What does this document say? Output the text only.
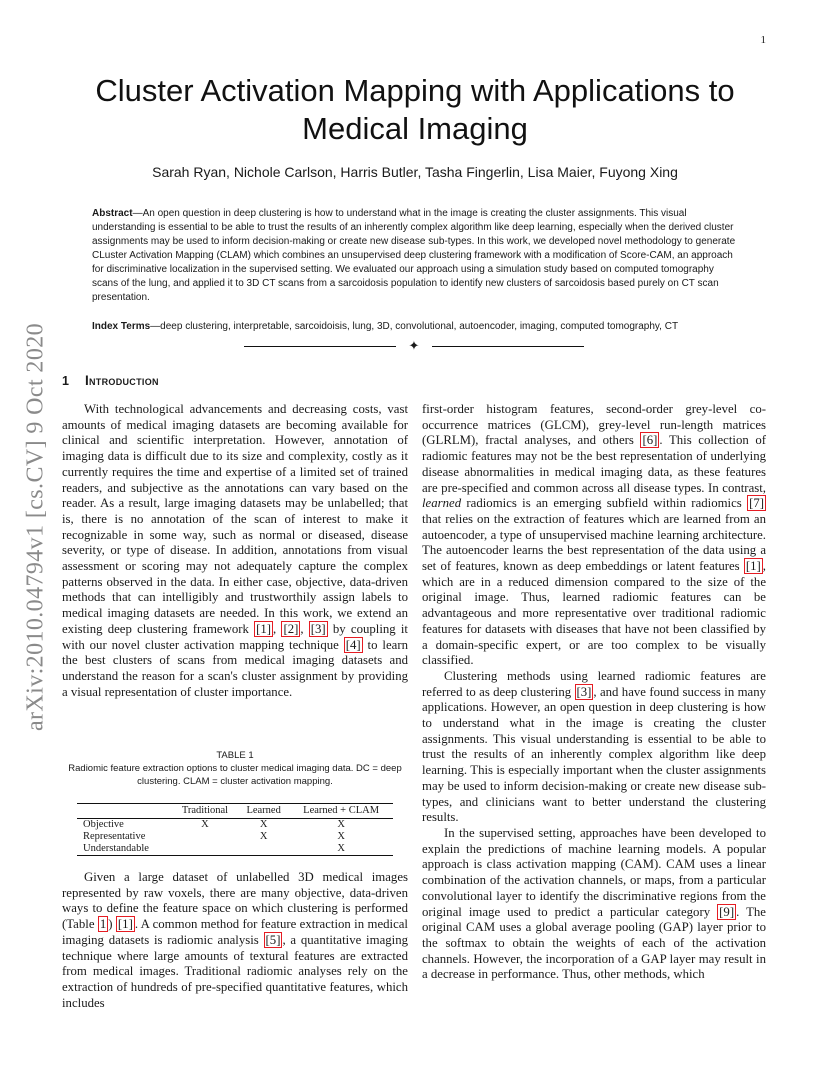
1
arXiv:2010.04794v1 [cs.CV] 9 Oct 2020
Cluster Activation Mapping with Applications to Medical Imaging
Sarah Ryan, Nichole Carlson, Harris Butler, Tasha Fingerlin, Lisa Maier, Fuyong Xing

Abstract—An open question in deep clustering is how to understand what in the image is creating the cluster assignments. This visual understanding is essential to be able to trust the results of an inherently complex algorithm like deep learning, especially when the derived cluster assignments may be used to inform decision-making or create new disease sub-types. In this work, we developed novel methodology to generate CLuster Activation Mapping (CLAM) which combines an unsupervised deep clustering framework with a modification of Score-CAM, an approach for discriminative localization in the supervised setting. We evaluated our approach using a simulation study based on computed tomography scans of the lung, and applied it to 3D CT scans from a sarcoidosis population to identify new clusters of sarcoidosis based purely on CT scan presentation.

Index Terms—deep clustering, interpretable, sarcoidoisis, lung, 3D, convolutional, autoencoder, imaging, computed tomography, CT

✦
1 Introduction

With technological advancements and decreasing costs, vast amounts of medical imaging datasets are becoming available for clinical and scientific interpretation. However, annotation of imaging data is difficult due to its size and complexity, costly as it currently requires the time and expertise of a limited set of trained readers, and subjective as the annotations can vary based on the reader. As a result, large imaging datasets may be unlabelled; that is, there is no annotation of the scan of interest to make it recognizable in some way, such as normal or diseased, disease severity, or type of disease. In addition, annotations from visual assessment or scoring may not adequately capture the complex patterns observed in the data. In either case, objective, data-driven methods that can intelligibly and trustworthily assign labels to medical imaging datasets are needed. In this work, we extend an existing deep clustering framework [1] , [2] , [3] by coupling it with our novel cluster activation mapping technique [4] to learn the best clusters of scans from medical imaging datasets and understand the reason for a scan's cluster assignment by providing a visual representation of cluster importance.

TABLE 1
Radiomic feature extraction options to cluster medical imaging data. DC = deep clustering. CLAM = cluster activation mapping.
	Traditional	Learned	Learned + CLAM
Objective	X	X	X
Representative		X	X
Understandable			X

Given a large dataset of unlabelled 3D medical images represented by raw voxels, there are many objective, data-driven ways to define the feature space on which clustering is performed (Table 1 ) [1] . A common method for feature extraction in medical imaging datasets is radiomic analysis [5] , a quantitative imaging technique where large amounts of textural features are extracted from medical images. Traditional radiomic analyses rely on the extraction of hundreds of pre-specified quantitative features, which includes

first-order histogram features, second-order grey-level co-occurrence matrices (GLCM), grey-level run-length matrices (GLRLM), fractal analyses, and others [6] . This collection of radiomic features may not be the best representation of underlying disease abnormalities in medical imaging data, as these features are pre-specified and common across all disease types. In contrast, learned radiomics is an emerging subfield within radiomics [7] that relies on the extraction of features which are learned from an autoencoder, a type of unsupervised machine learning architecture. The autoencoder learns the best representation of the data using a set of features, known as deep embeddings or latent features [1] , which are in a reduced dimension compared to the size of the original image. Thus, learned radiomic features can be advantageous and more representative over traditional radiomic features for datasets with diseases that have not been classified by a domain-specific expert, or are too complex to be visually classified.

Clustering methods using learned radiomic features are referred to as deep clustering [3] , and have found success in many applications. However, an open question in deep clustering is how to understand what in the image is creating the cluster assignments. This visual understanding is essential to be able to trust the results of an inherently complex algorithm like deep learning. This is especially important when the cluster assignments may be used to inform decision-making or create new disease sub-types, and clinicians want to better understand the clustering results.

In the supervised setting, approaches have been developed to explain the predictions of machine learning models. A popular approach is class activation mapping (CAM). CAM uses a linear combination of the activation channels, or maps, from a particular convolutional layer to identify the discriminative regions from the original image used to predict a particular category [9] . The original CAM uses a global average pooling (GAP) layer prior to the softmax to obtain the weights of each of the activation channels. However, the incorporation of a GAP layer may result in a decrease in performance. Thus, other methods, which
